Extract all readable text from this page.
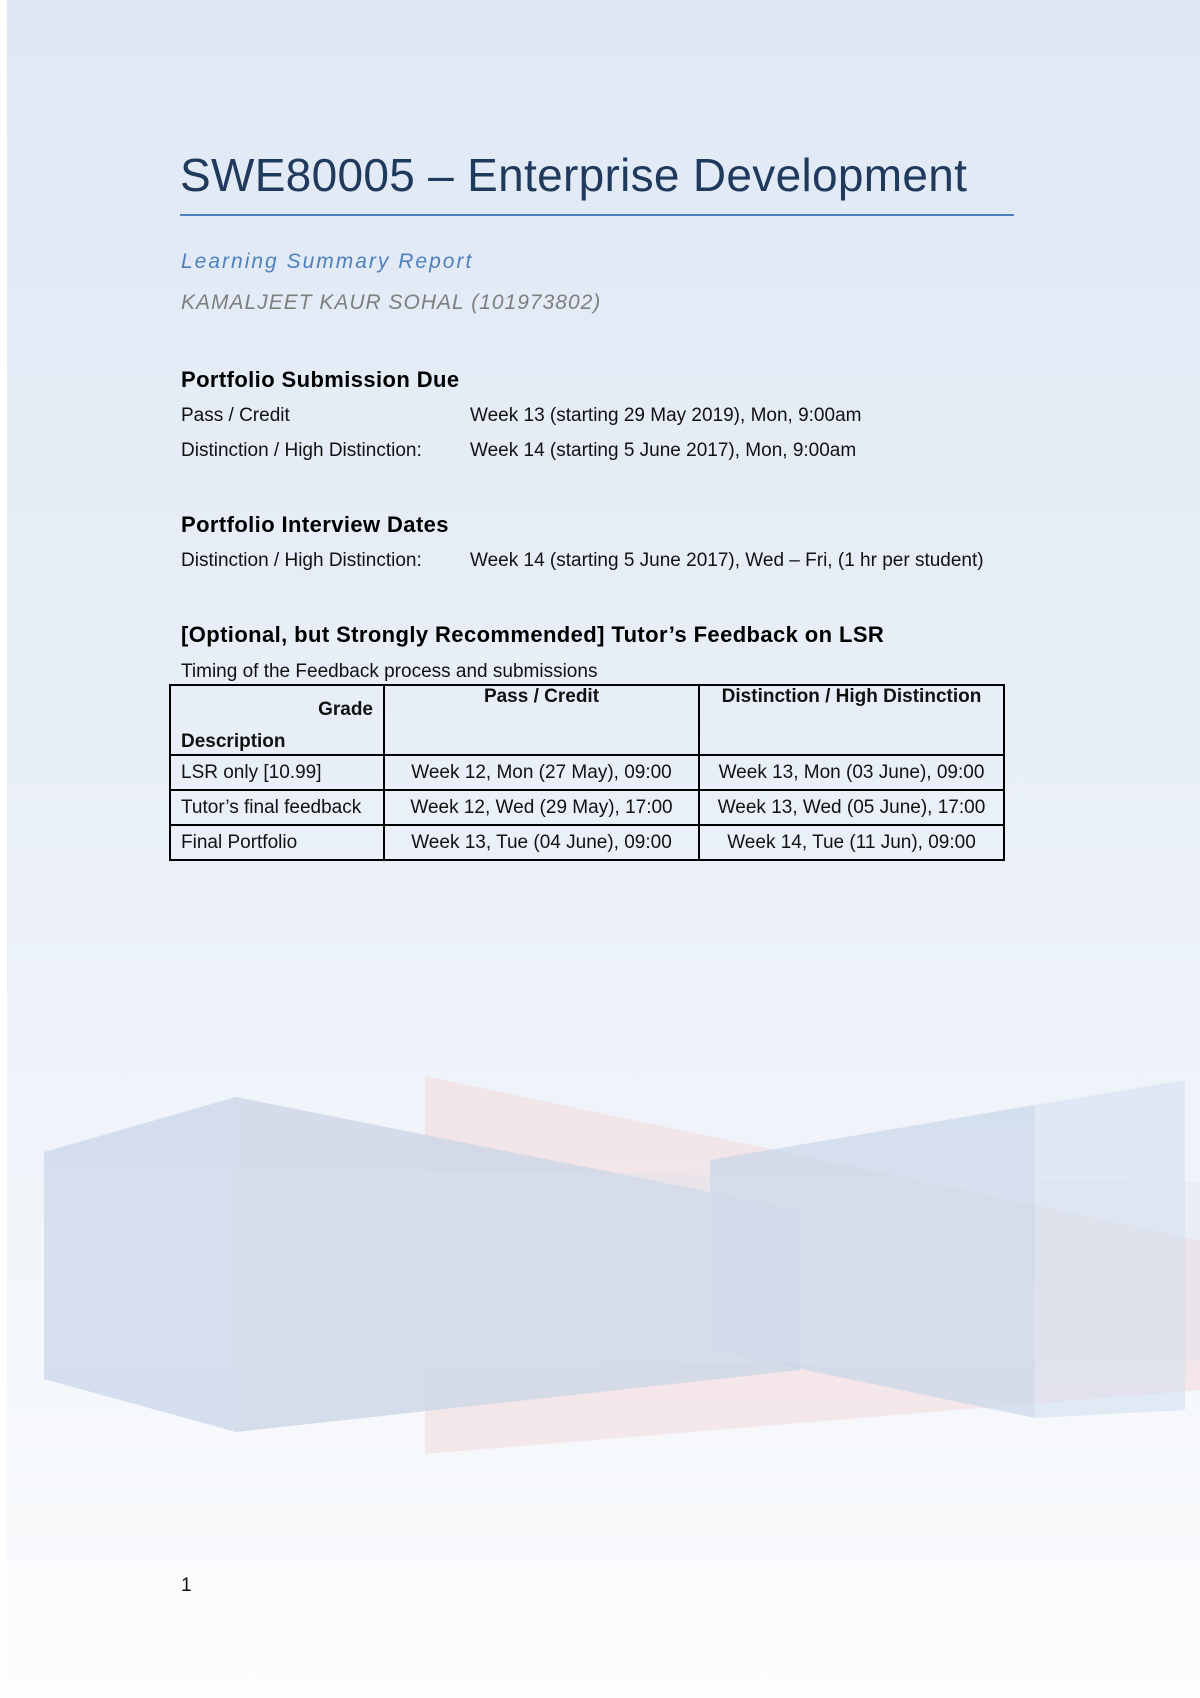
SWE80005 – Enterprise Development
Learning Summary Report
KAMALJEET KAUR SOHAL (101973802)
Portfolio Submission Due
Pass / Credit	Week 13 (starting 29 May 2019), Mon, 9:00am
Distinction / High Distinction:	Week 14 (starting 5 June 2017), Mon, 9:00am
Portfolio Interview Dates
Distinction / High Distinction:	Week 14 (starting 5 June 2017), Wed – Fri, (1 hr per student)
[Optional, but Strongly Recommended] Tutor’s Feedback on LSR
Timing of the Feedback process and submissions
Grade
Description	Pass / Credit	Distinction / High Distinction
LSR only [10.99]	Week 12, Mon (27 May), 09:00	Week 13, Mon (03 June), 09:00
Tutor’s final feedback	Week 12, Wed (29 May), 17:00	Week 13, Wed (05 June), 17:00
Final Portfolio	Week 13, Tue (04 June), 09:00	Week 14, Tue (11 Jun), 09:00
1
